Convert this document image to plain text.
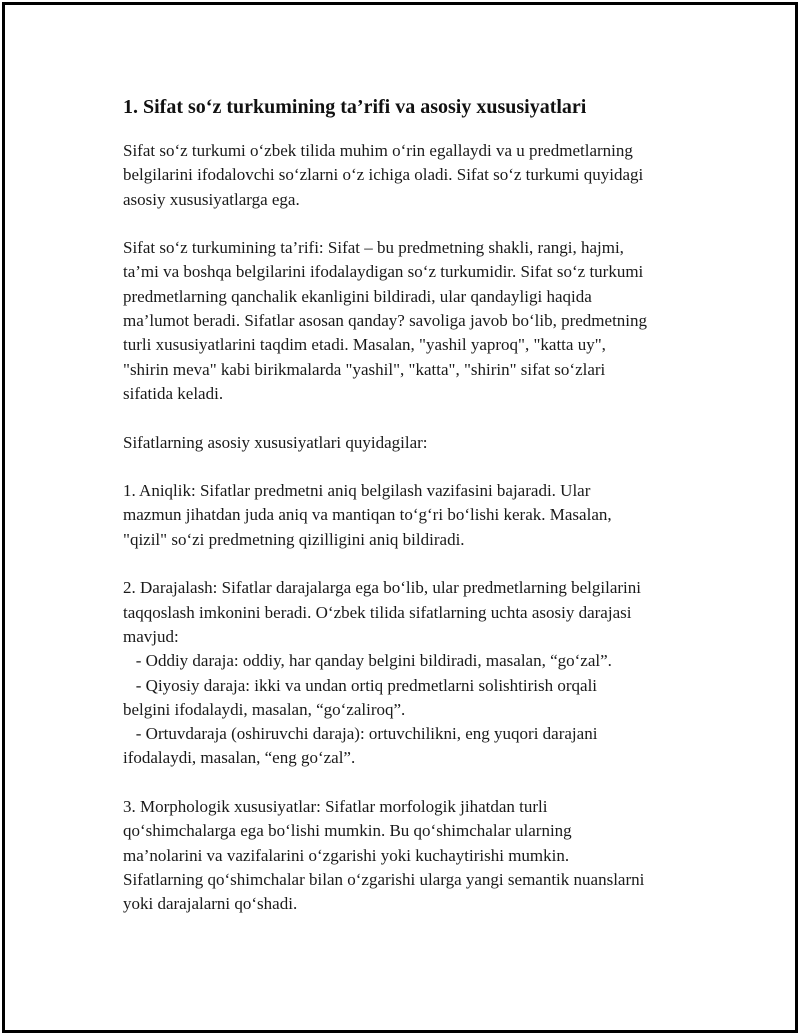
1. Sifat so‘z turkumining ta’rifi va asosiy xususiyatlari

Sifat so‘z turkumi o‘zbek tilida muhim o‘rin egallaydi va u predmetlarning
belgilarini ifodalovchi so‘zlarni o‘z ichiga oladi. Sifat so‘z turkumi quyidagi
asosiy xususiyatlarga ega.

Sifat so‘z turkumining ta’rifi: Sifat – bu predmetning shakli, rangi, hajmi,
ta’mi va boshqa belgilarini ifodalaydigan so‘z turkumidir. Sifat so‘z turkumi
predmetlarning qanchalik ekanligini bildiradi, ular qandayligi haqida
ma’lumot beradi. Sifatlar asosan qanday? savoliga javob bo‘lib, predmetning
turli xususiyatlarini taqdim etadi. Masalan, "yashil yaproq", "katta uy",
"shirin meva" kabi birikmalarda "yashil", "katta", "shirin" sifat so‘zlari
sifatida keladi.

Sifatlarning asosiy xususiyatlari quyidagilar:

1. Aniqlik: Sifatlar predmetni aniq belgilash vazifasini bajaradi. Ular
mazmun jihatdan juda aniq va mantiqan to‘g‘ri bo‘lishi kerak. Masalan,
"qizil" so‘zi predmetning qizilligini aniq bildiradi.

2. Darajalash: Sifatlar darajalarga ega bo‘lib, ular predmetlarning belgilarini
taqqoslash imkonini beradi. O‘zbek tilida sifatlarning uchta asosiy darajasi
mavjud:
- Oddiy daraja: oddiy, har qanday belgini bildiradi, masalan, “go‘zal”.
- Qiyosiy daraja: ikki va undan ortiq predmetlarni solishtirish orqali
belgini ifodalaydi, masalan, “go‘zaliroq”.
- Ortuvdaraja (oshiruvchi daraja): ortuvchilikni, eng yuqori darajani
ifodalaydi, masalan, “eng go‘zal”.

3. Morphologik xususiyatlar: Sifatlar morfologik jihatdan turli
qo‘shimchalarga ega bo‘lishi mumkin. Bu qo‘shimchalar ularning
ma’nolarini va vazifalarini o‘zgarishi yoki kuchaytirishi mumkin.
Sifatlarning qo‘shimchalar bilan o‘zgarishi ularga yangi semantik nuanslarni
yoki darajalarni qo‘shadi.
